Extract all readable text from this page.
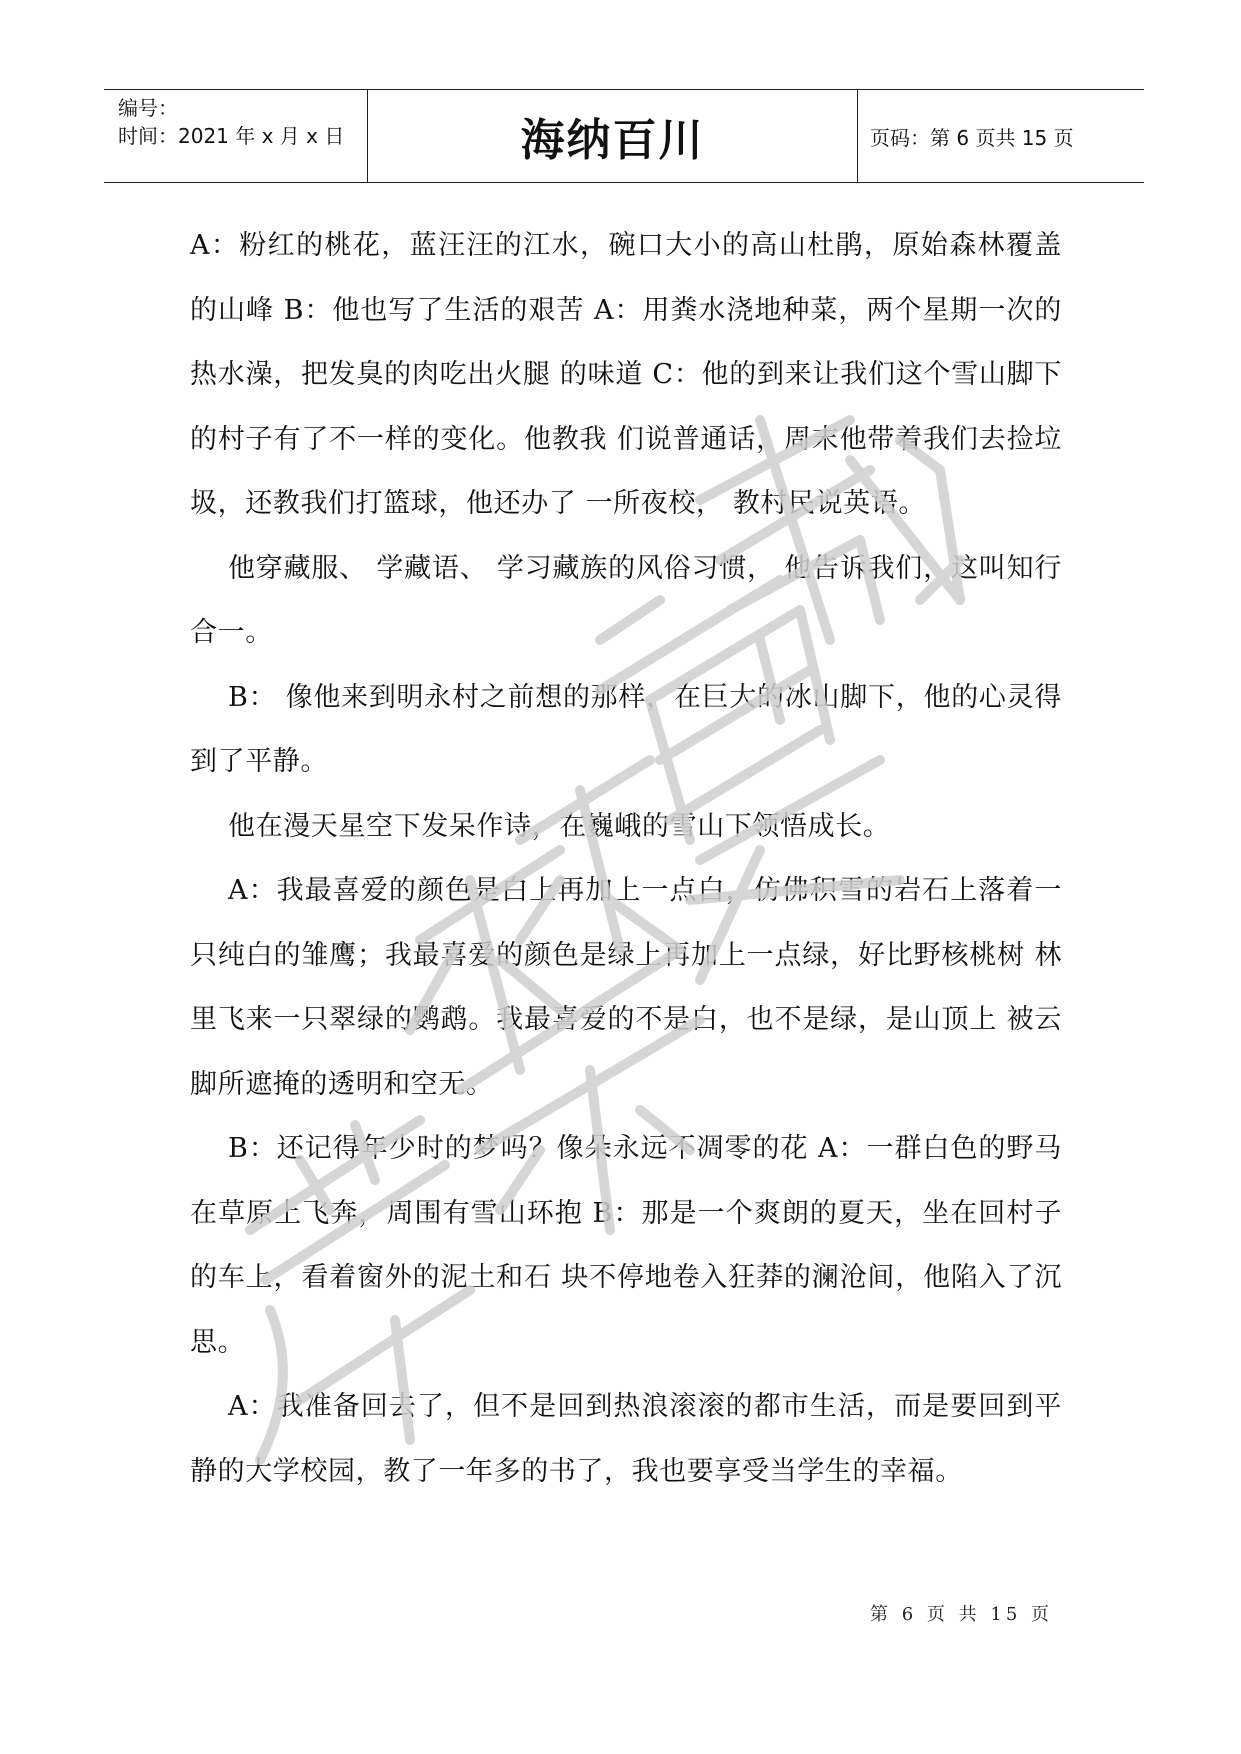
编号：
时间：2021 年 x 月 x 日	海纳百川	页码：第 6 页共 15 页

A：粉红的桃花，蓝汪汪的江水，碗口大小的高山杜鹃，原始森林覆盖的山峰 B：他也写了生活的艰苦 A：用粪水浇地种菜，两个星期一次的热水澡，把发臭的肉吃出火腿 的味道 C：他的到来让我们这个雪山脚下的村子有了不一样的变化。他教我 们说普通话，周末他带着我们去捡垃圾，还教我们打篮球，他还办了 一所夜校， 教村民说英语。

他穿藏服、 学藏语、 学习藏族的风俗习惯， 他告诉我们，这叫知行合一。

B： 像他来到明永村之前想的那样，在巨大的冰山脚下，他的心灵得 到了平静。

他在漫天星空下发呆作诗，在巍峨的雪山下领悟成长。

A：我最喜爱的颜色是白上再加上一点白，仿佛积雪的岩石上落着一 只纯白的雏鹰；我最喜爱的颜色是绿上再加上一点绿，好比野核桃树 林里飞来一只翠绿的鹦鹉。我最喜爱的不是白，也不是绿，是山顶上 被云脚所遮掩的透明和空无。

B：还记得年少时的梦吗？像朵永远不凋零的花 A：一群白色的野马在草原上飞奔，周围有雪山环抱 B：那是一个爽朗的夏天，坐在回村子的车上，看着窗外的泥土和石 块不停地卷入狂莽的澜沧间，他陷入了沉思。

A：我准备回去了，但不是回到热浪滚滚的都市生活，而是要回到平 静的大学校园，教了一年多的书了，我也要享受当学生的幸福。

第 6 页 共 15 页
